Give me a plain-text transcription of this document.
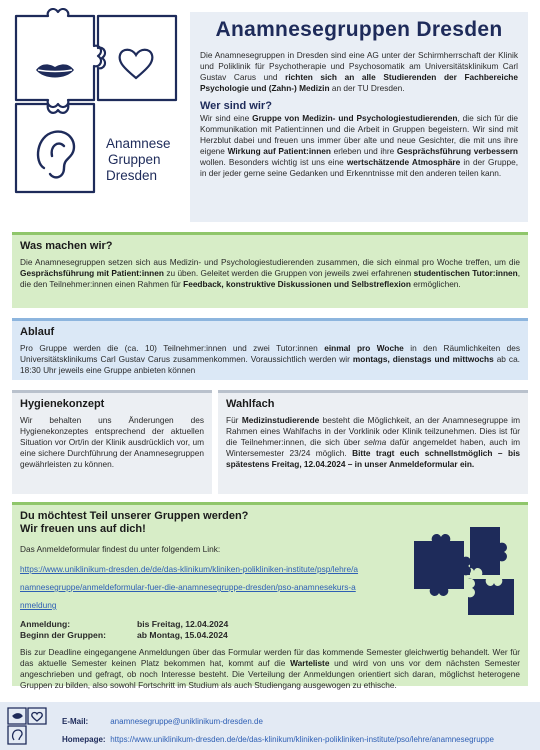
Anamnese
Gruppen
Dresden
Anamnesegruppen Dresden
Die Anamnesegruppen in Dresden sind eine AG unter der Schirmherrschaft der Klinik und Poliklinik für Psychotherapie und Psychosomatik am Universitätsklinikum Carl Gustav Carus und richten sich an alle Studierenden der Fachbereiche Psychologie und (Zahn-) Medizin an der TU Dresden.
Wer sind wir?
Wir sind eine Gruppe von Medizin- und Psychologiestudierenden, die sich für die Kommunikation mit Patient:innen und die Arbeit in Gruppen begeistern. Wir sind mit Herzblut dabei und freuen uns immer über alte und neue Gesichter, die mit uns ihre eigene Wirkung auf Patient:innen erleben und ihre Gesprächsführung verbessern wollen. Besonders wichtig ist uns eine wertschätzende Atmosphäre in der Gruppe, in der jeder gerne seine Gedanken und Erkenntnisse mit den anderen teilen kann.
Was machen wir?
Die Anamnesegruppen setzen sich aus Medizin- und Psychologiestudierenden zusammen, die sich einmal pro Woche treffen, um die Gesprächsführung mit Patient:innen zu üben. Geleitet werden die Gruppen von jeweils zwei erfahrenen studentischen Tutor:innen, die den Teilnehmer:innen einen Rahmen für Feedback, konstruktive Diskussionen und Selbstreflexion ermöglichen.
Ablauf
Pro Gruppe werden die (ca. 10) Teilnehmer:innen und zwei Tutor:innen einmal pro Woche in den Räumlichkeiten des Universitätsklinikums Carl Gustav Carus zusammenkommen. Voraussichtlich werden wir montags, dienstags und mittwochs ab ca. 18:30 Uhr jeweils eine Gruppe anbieten können
Hygienekonzept
Wir behalten uns Änderungen des Hygienekonzeptes entsprechend der aktuellen Situation vor Ort/in der Klinik ausdrücklich vor, um eine sichere Durchführung der Anamnesegruppen gewährleisten zu können.
Wahlfach
Für Medizinstudierende besteht die Möglichkeit, an der Anamnesegruppe im Rahmen eines Wahlfachs in der Vorklinik oder Klinik teilzunehmen. Dies ist für die Teilnehmer:innen, die sich über selma dafür angemeldet haben, auch im Wintersemester 23/24 möglich. Bitte tragt euch schnellstmöglich – bis spätestens Freitag, 12.04.2024 – in unser Anmeldeformular ein.
Du möchtest Teil unserer Gruppen werden?
Wir freuen uns auf dich!
Das Anmeldeformular findest du unter folgendem Link:
https://www.uniklinikum-dresden.de/de/das-klinikum/kliniken-polikliniken-institute/psp/lehre/anamnesegruppe/anmeldeformular-fuer-die-anamnesegruppe-dresden/pso-anamnesekurs-anmeldung
Anmeldung:	bis Freitag, 12.04.2024
Beginn der Gruppen:	ab Montag, 15.04.2024
Bis zur Deadline eingegangene Anmeldungen über das Formular werden für das kommende Semester gleichwertig behandelt. Wer für das aktuelle Semester keinen Platz bekommen hat, kommt auf die Warteliste und wird von uns vor dem nächsten Semester angeschrieben und gefragt, ob noch Interesse besteht. Die Verteilung der Anmeldungen orientiert sich daran, möglichst heterogene Gruppen zu bilden, also sowohl Fortschritt im Studium als auch Studiengang ausgewogen zu ethische.
E-Mail:	anamnesegruppe@uniklinikum-dresden.de
Homepage: https://www.uniklinikum-dresden.de/de/das-klinikum/kliniken-polikliniken-institute/pso/lehre/anamnesegruppe
